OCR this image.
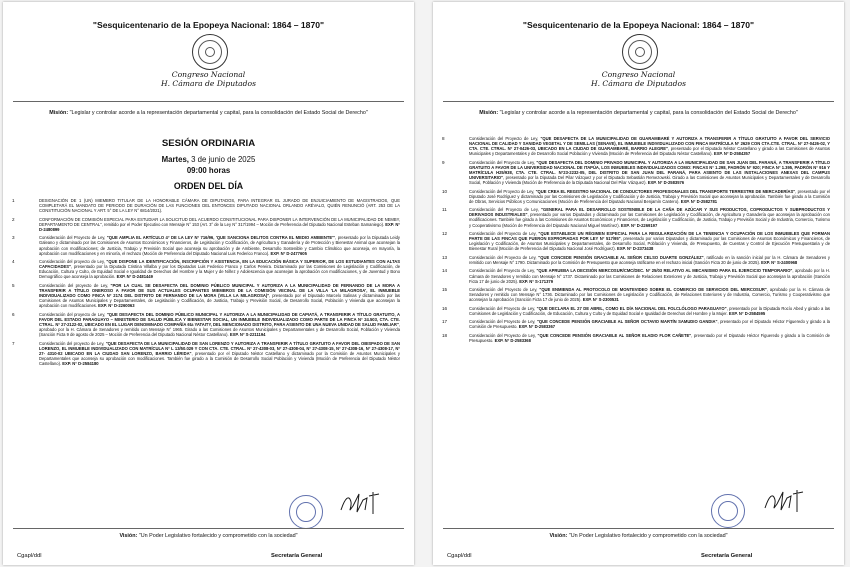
"Sesquicentenario de la Epopeya Nacional: 1864 – 1870"
Congreso Nacional
H. Cámara de Diputados
Misión: "Legislar y controlar acorde a la representación departamental y capital, para la consolidación del Estado Social de Derecho"
SESIÓN ORDINARIA
Martes, 3 de junio de 2025
09:00 horas
ORDEN DEL DÍA
1	DESIGNACIÓN DE 1 (UN) MIEMBRO TITULAR DE LA HONORABLE CÁMARA DE DIPUTADOS, PARA INTEGRAR EL JURADO DE ENJUICIAMIENTO DE MAGISTRADOS, QUE COMPLETARÁ EL MANDATO DE PERIODO DE DURACIÓN DE LAS FUNCIONES DEL ENTONCES DIPUTADO NACIONAL ORLANDO ARÉVALO, QUIÉN RENUNCIÓ (ART. 253 DE LA CONSTITUCIÓN NACIONAL Y ART. 5° DE LA LEY N° 6814/2021).
2	CONFORMACIÓN DE COMISIÓN ESPECIAL PARA ESTUDIAR LA SOLICITUD DEL ACUERDO CONSTITUCIONAL PARA DISPONER LA INTERVENCIÓN DE LA MUNICIPALIDAD DE NEMBY, DEPARTAMENTO DE CENTRAL", remitido por el Poder Ejecutivo con Mensaje N° 153 (Art. 3° de la Ley N° 317/1994 – Moción de Preferencia del Diputado Nacional Esteban Samaniego). EXP. N° D-2480899
3	Consideración del Proyecto de Ley, "QUE AMPLIA EL ARTÍCULO 4° DE LA LEY N° 716/96, 'QUE SANCIONA DELITOS CONTRA EL MEDIO AMBIENTE'", presentado por la Diputada Leidy Galeano y dictaminado por las Comisiones de Asuntos Económicos y Financieros, de Legislación y Codificación, de Agricultura y Ganadería y de Protección y Bienestar Animal que aconsejan la aprobación con modificaciones; de Justicia, Trabajo y Previsión Social que aconseja su aprobación y de Ambiente, Desarrollo Sostenible y Cambio Climático que aconseja, en mayoría, la aprobación con modificaciones y en minoría, el rechazo (Moción de Preferencia del Diputado Nacional Luis Federico Franco). EXP. N° D-2477605
4	Consideración del proyecto de Ley, "QUE DISPONE LA IDENTIFICACIÓN, INSCRIPCIÓN Y ASISTENCIA, EN LA EDUCACIÓN BÁSICA Y SUPERIOR, DE LOS ESTUDIANTES CON ALTAS CAPACIDADES", presentado por la Diputada Cristina Villalba y por los Diputados Luis Federico Franco y Carlos Pereira. Dictaminado por las Comisiones de Legislación y Codificación, de Educación, Cultura y Culto, de Equidad Social e Igualdad de Derechos del Hombre y la Mujer y de Niñez y Adolescencia que aconsejan la aprobación con modificaciones, y de Juventud y Bono Demográfico que aconseja la aprobación. EXP. N° D-2481449
5	Consideración del proyecto de Ley, "POR LA CUAL SE DESAFECTA DEL DOMINIO PÚBLICO MUNICIPAL Y AUTORIZA A LA MUNICIPALIDAD DE FERNANDO DE LA MORA A TRANSFERIR A TÍTULO ONEROSO A FAVOR DE SUS ACTUALES OCUPANTES MIEMBROS DE LA COMISIÓN VECINAL DE LA VILLA 'LA MILAGROSA', EL INMUEBLE INDIVIDUALIZADO COMO FINCA N° 2174 DEL DISTRITO DE FERNANDO DE LA MORA (VILLA LA MILAGROSA)", presentado por el Diputado Marcelo Salinas y dictaminado por las Comisiones de Asuntos Municipales y Departamentales, de Legislación y Codificación, de Justicia, Trabajo y Previsión Social, de Desarrollo Social, Población y Vivienda que aconsejan la aprobación con modificaciones. EXP. N° D-2260063
6	Consideración del proyecto de Ley, "QUE DESAFECTA DEL DOMINIO PÚBLICO MUNICIPAL Y AUTORIZA A LA MUNICIPALIDAD DE CAPIATÁ, A TRANSFERIR A TÍTULO GRATUITO, A FAVOR DEL ESTADO PARAGUAYO – MINISTERIO DE SALUD PÚBLICA Y BIENESTAR SOCIAL, UN INMUEBLE INDIVIDUALIZADO COMO PARTE DE LA FINCA N° 24.503, CTA. CTE. CTRAL. N° 27-2122-02, UBICADO EN EL LUGAR DENOMINADO COMPAÑÍA 6ta YATAITY, DEL MENCIONADO DISTRITO, PARA ASIENTO DE UNA NUEVA UNIDAD DE SALUD FAMILIAR", aprobado por la H. Cámara de Senadores y remitido con Mensaje N° 1965. Girado a las Comisiones de Asuntos Municipales y Departamentales y de Desarrollo Social, Población y Vivienda (Sanción Ficta 9 de agosto de 2025 – Moción de Preferencia del Diputado Nacional Néstor Castellano). EXP. N° S-2211194
7	Consideración del proyecto de Ley, "QUE DESAFECTA DE LA MUNICIPALIDAD DE SAN LORENZO Y AUTORIZA A TRANSFERIR A TÍTULO GRATUITO A FAVOR DEL OBISPADO DE SAN LORENZO, EL INMUEBLE INDIVIDUALIZADO CON MATRÍCULA N° L 13/50.029 Y CON CTA. CTE. CTRAL. N° 27-4308-03, N° 27-4308-04, N° 27-4308-15, N° 27-4308-16, N° 27-4308-17, N° 27- 4310-02 UBICADO EN LA CIUDAD SAN LORENZO, BARRIO LÉRIDA", presentado por el Diputado Néstor Castellano y dictaminado por la Comisión de Asuntos Municipales y Departamentales que aconseja su aprobación con modificaciones. También fue girado a la Comisión de Desarrollo Social Población y Vivienda (Moción de Preferencia del Diputado Néstor Castellano). EXP. N° D-2584180
Visión: "Un Poder Legislativo fortalecido y comprometido con la sociedad"
Cgapl/ddl	Secretaría General
"Sesquicentenario de la Epopeya Nacional: 1864 – 1870"
Congreso Nacional
H. Cámara de Diputados
Misión: "Legislar y controlar acorde a la representación departamental y capital, para la consolidación del Estado Social de Derecho"
8	Consideración del Proyecto de Ley, "QUE DESAFECTA DE LA MUNICIPALIDAD DE GUARAMBARÉ Y AUTORIZA A TRANSFERIR A TÍTULO GRATUITO A FAVOR DEL SERVICIO NACIONAL DE CALIDAD Y SANIDAD VEGETAL Y DE SEMILLAS (SENAVE), EL INMUEBLE INDIVIDUALIZADO CON FINCA MATRÍCULA N° 2629 CON CTA.CTE. CTRAL. N° 27-0426-02, Y CTA. CTE. CTRAL. N° 27-0426-03, UBICADO EN LA CIUDAD DE GUARAMBARÉ, BARRIO ALEGRE", presentado por el Diputado Néstor Castellano y girado a las Comisiones de Asuntos Municipales y Departamentales y de Desarrollo Social Población y Vivienda (Moción de Preferencia del Diputado Néstor Castellano). EXP. N° D-2584357
9	Consideración del Proyecto de Ley, "QUE DESAFECTA DEL DOMINIO PRIVADO MUNICIPAL Y AUTORIZA A LA MUNICIPALIDAD DE SAN JUAN DEL PARANÁ, A TRANSFERIR A TÍTULO GRATUITO A FAVOR DE LA UNIVERSIDAD NACIONAL DE ITAPÚA, LOS INMUEBLES INDIVIDUALIZADOS COMO: FINCAS N° 1.298, PADRÓN N° 920; FINCA N° 1.395, PADRÓN N° 916 Y MATRÍCULA H25/938, CTA. CTE. CTRAL. N°23-2232-05, DEL DISTRITO DE SAN JUAN DEL PARANÁ, PARA ASIENTO DE LAS INSTALACIONES ANEXAS DEL CAMPUS UNIVERSITARIO", presentado por la Diputada Del Pilar Vázquez y por el Diputado Sebastián Remezowski. Girado a las Comisiones de Asuntos Municipales y Departamentales y de Desarrollo Social, Población y Vivienda (Moción de Preferencia de la Diputada Nacional Del Pilar Vázquez). EXP. N° D-2583576
10	Consideración del Proyecto de Ley, "QUE CREA EL REGISTRO NACIONAL DE CONDUCTORES PROFESIONALES DEL TRANSPORTE TERRESTRE DE MERCADERÍAS", presentado por el Diputado José Rodríguez y dictaminado por las Comisiones de Legislación y Codificación y de Justicia, Trabajo y Previsión Social que aconsejan la aprobación. También fue girado a la Comisión de Obras, Servicios Públicos y Comunicaciones (Moción de Preferencia del Diputado Nacional Benjamín Cantero). EXP. N° D-2582781
11	Consideración del Proyecto de Ley, "GENERAL PARA EL DESARROLLO SOSTENIBLE DE LA CAÑA DE AZÚCAR Y SUS PRODUCTOS, COPRODUCTOS Y SUBPRODUCTOS Y DERIVADOS INDUSTRIALES", presentado por varios Diputados y dictaminado por las Comisiones de Legislación y Codificación, de Agricultura y Ganadería que aconsejan la aprobación con modificaciones. También fue girado a las Comisiones de Asuntos Económicos y Financieros, de Legislación y Codificación, de Justicia, Trabajo y Previsión Social y de Industria, Comercio, Turismo y Cooperativismo (Moción de Preferencia del Diputado Nacional Miguel Martínez). EXP. N° D-2269197
12	Consideración del Proyecto de Ley, "QUE ESTABLECE UN RÉGIMEN ESPECIAL PARA LA REGULARIZACIÓN DE LA TENENCIA Y OCUPACIÓN DE LOS INMUEBLES QUE FORMAN PARTE DE LAS FINCAS QUE FUERON EXPROPIADAS POR LEY N° 517/95", presentado por varios Diputados y dictaminado por las Comisiones de Asuntos Económicos y Financieros, de Legislación y Codificación, de Asuntos Municipales y Departamentales, de Desarrollo Social, Población y Vivienda, de Presupuesto, de Cuentas y Control de Ejecución Presupuestaria y de Bienestar Rural (Moción de Preferencia del Diputado Nacional José Rodríguez). EXP. N° D-2373438
13	Consideración del Proyecto de Ley, "QUE CONCEDE PENSIÓN GRACIABLE AL SEÑOR CELSO DUARTE GONZÁLEZ", ratificado en la sanción inicial por la H. Cámara de Senadores y remitido con Mensaje N° 1790. Dictaminado por la Comisión de Presupuesto que aconseja ratificarse en el rechazo inicial (Sanción Ficta 20 de junio de 2025). EXP. N° S-2400968
14	Consideración del Proyecto de Ley, "QUE APRUEBA LA DECISIÓN MERCOSUR/CMC/DEC. N° 25/03 RELATIVO AL MECANISMO PARA EL EJERCICIO TEMPORARIO", aprobado por la H. Cámara de Senadores y remitido con Mensaje N° 1737. Dictaminado por las Comisiones de Relaciones Exteriores y de Justicia, Trabajo y Previsión Social que aconsejan la aprobación (Sanción Ficta 17 de junio de 2025). EXP. N° S-171379
15	Consideración del Proyecto de Ley, "QUE ENMIENDA AL PROTOCOLO DE MONTEVIDEO SOBRE EL COMERCIO DE SERVICIOS DEL MERCOSUR", aprobado por la H. Cámara de Senadores y remitido con Mensaje N° 1736. Dictaminado por las Comisiones de Legislación y Codificación, de Relaciones Exteriores y de Industria, Comercio, Turismo y Cooperativismo que aconsejan la aprobación (Sanción Ficta 17 de junio de 2025). EXP. N° S-2300531
16	Consideración del Proyecto de Ley, "QUE DECLARA EL 27 DE ABRIL, COMO EL DÍA NACIONAL DEL FOLCLÓLOGO PARAGUAYO", presentado por la Diputada Rocío Abed y girado a las Comisiones de Legislación y Codificación, de Educación, Cultura y Culto y de Equidad Social e Igualdad de Derechos del Hombre y la Mujer. EXP. N° D-2584595
17	Consideración del Proyecto de Ley, "QUE CONCEDE PENSIÓN GRACIABLE AL SEÑOR OCTAVIO MARTÍN SAMUDIO GANDIA", presentado por el Diputado Héctor Figueredo y girado a la Comisión de Presupuesto. EXP. N° D-2583367
18	Consideración del Proyecto de Ley, "QUE CONCEDE PENSIÓN GRACIABLE AL SEÑOR ELADIO FLOR CAÑETE", presentado por el Diputado Héctor Figueredo y girado a la Comisión de Presupuesto. EXP. N° D-2583368
Visión: "Un Poder Legislativo fortalecido y comprometido con la sociedad"
Cgapl/ddl	Secretaría General
